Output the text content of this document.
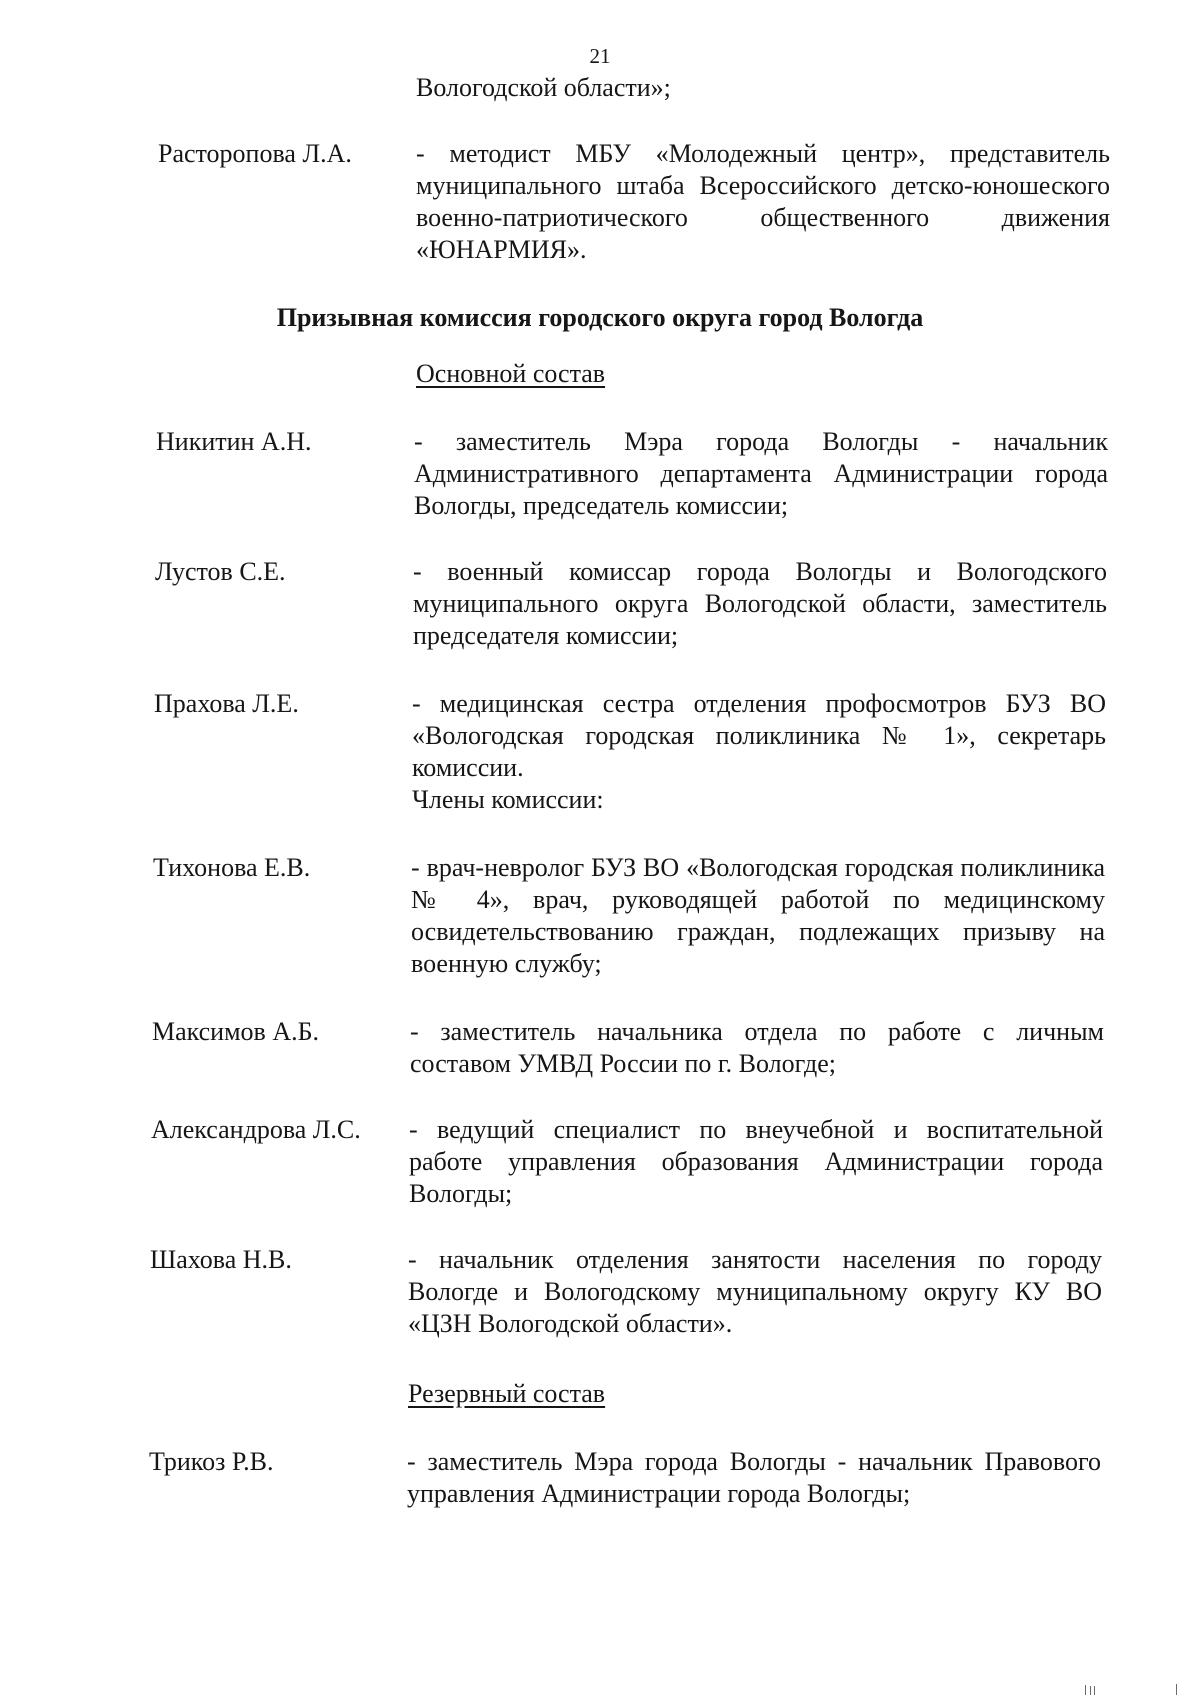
21
Вологодской области»;
Расторопова Л.А. - методист МБУ «Молодежный центр», представитель муниципального штаба Всероссийского детско-юношеского военно-патриотического общественного движения «ЮНАРМИЯ».
Призывная комиссия городского округа город Вологда
Основной состав
Никитин А.Н.	- заместитель Мэра города Вологды - начальник Административного департамента Администрации города Вологды, председатель комиссии;
Лустов С.Е.	- военный комиссар города Вологды и Вологодского муниципального округа Вологодской области, заместитель председателя комиссии;
Прахова Л.Е.	- медицинская сестра отделения профосмотров БУЗ ВО «Вологодская городская поликлиника № 1», секретарь комиссии.
Члены комиссии:
Тихонова Е.В.	- врач-невролог БУЗ ВО «Вологодская городская поликлиника № 4», врач, руководящей работой по медицинскому освидетельствованию граждан, подлежащих призыву на военную службу;
Максимов А.Б.	- заместитель начальника отдела по работе с личным составом УМВД России по г. Вологде;
Александрова Л.С. - ведущий специалист по внеучебной и воспитательной работе управления образования Администрации города Вологды;
Шахова Н.В.	- начальник отделения занятости населения по городу Вологде и Вологодскому муниципальному округу КУ ВО «ЦЗН Вологодской области».
Резервный состав
Трикоз Р.В.	- заместитель Мэра города Вологды - начальник Правового управления Администрации города Вологды;
